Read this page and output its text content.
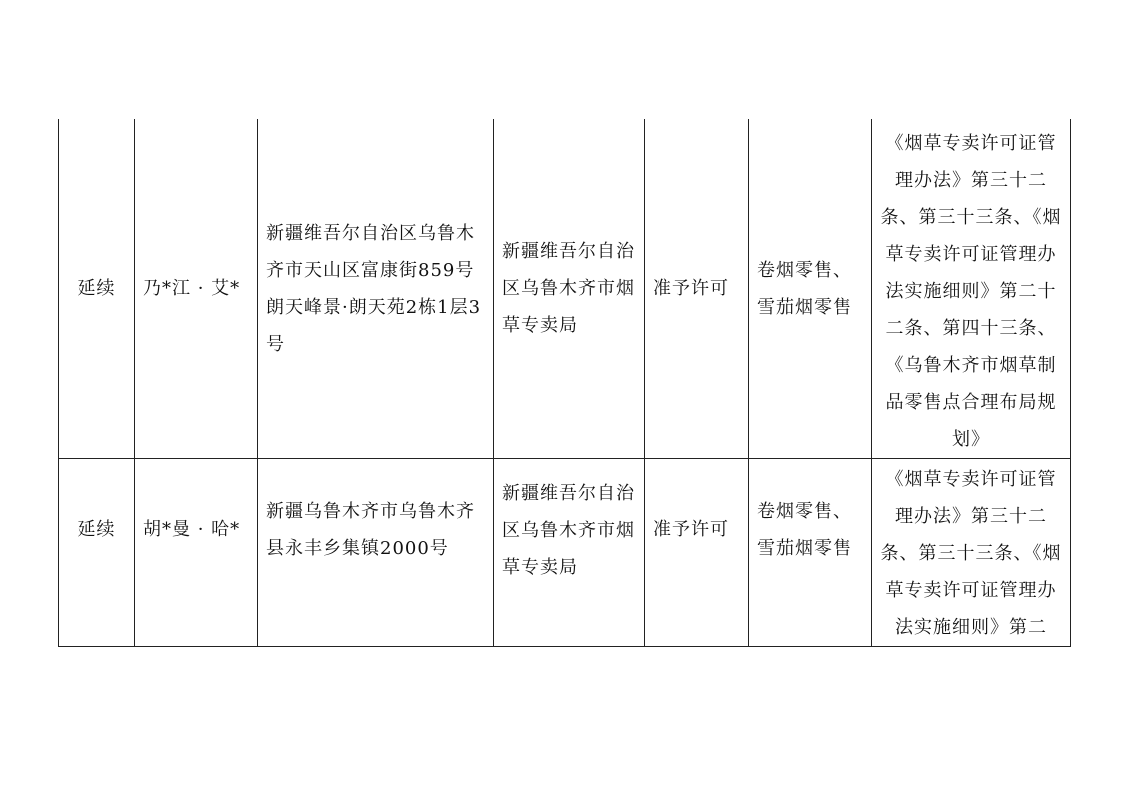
延续	乃*江 · 艾*	新疆维吾尔自治区乌鲁木齐市天山区富康街859号朗天峰景·朗天苑2栋1层3号	新疆维吾尔自治区乌鲁木齐市烟草专卖局	准予许可	卷烟零售、雪茄烟零售	《烟草专卖许可证管理办法》第三十二条、第三十三条、《烟草专卖许可证管理办法实施细则》第二十二条、第四十三条、《乌鲁木齐市烟草制品零售点合理布局规划》
延续	胡*曼 · 哈*	新疆乌鲁木齐市乌鲁木齐县永丰乡集镇2000号	新疆维吾尔自治区乌鲁木齐市烟草专卖局	准予许可	卷烟零售、雪茄烟零售	《烟草专卖许可证管理办法》第三十二条、第三十三条、《烟草专卖许可证管理办法实施细则》第二
